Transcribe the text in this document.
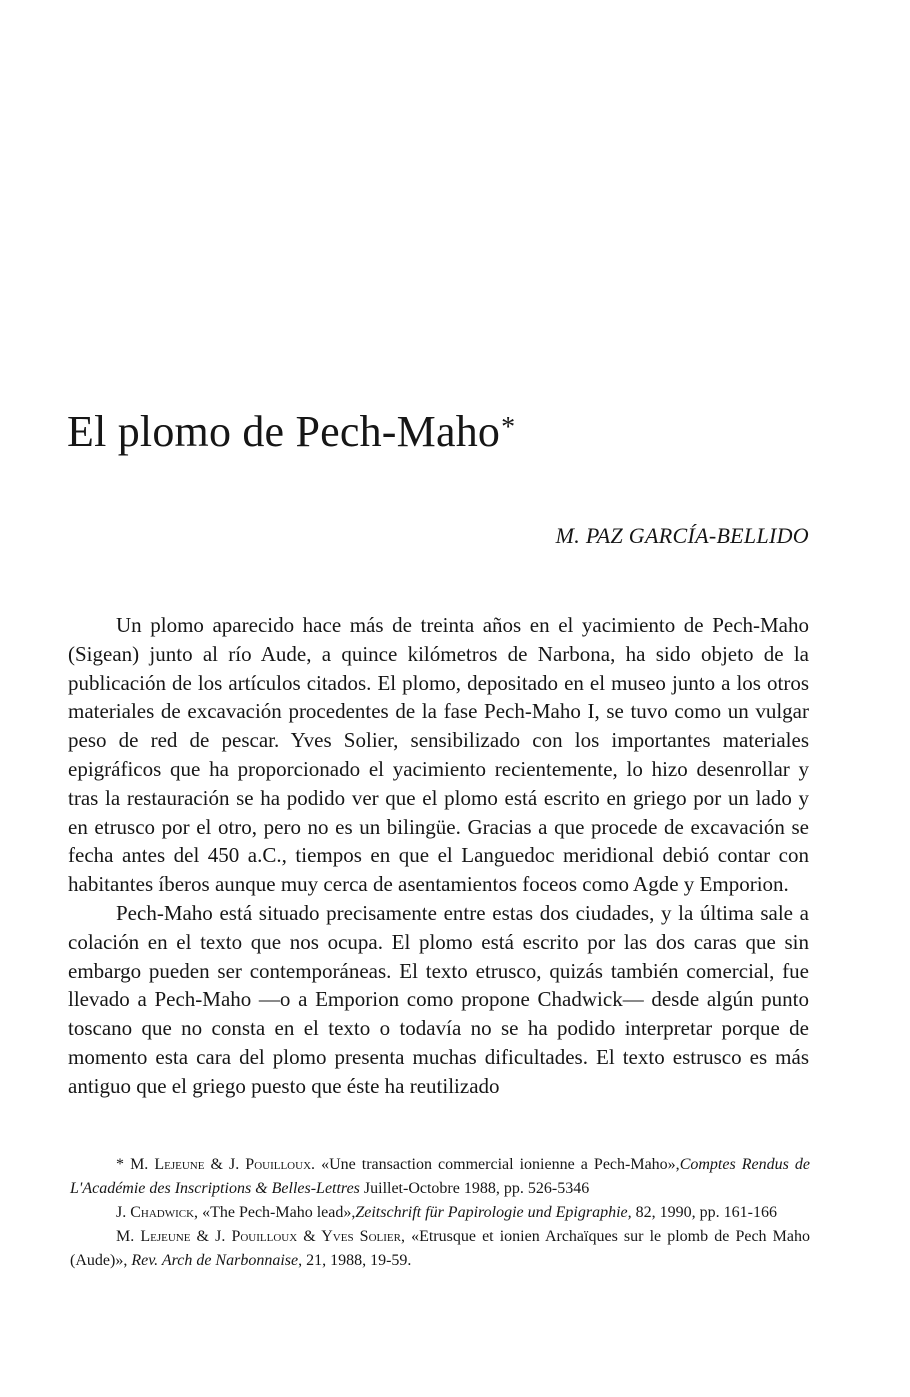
El plomo de Pech-Maho*
M. PAZ GARCÍA-BELLIDO

Un plomo aparecido hace más de treinta años en el yacimiento de Pech-Maho (Sigean) junto al río Aude, a quince kilómetros de Narbona, ha sido objeto de la publicación de los artículos citados. El plomo, depositado en el museo junto a los otros materiales de excavación procedentes de la fase Pech-Maho I, se tuvo como un vulgar peso de red de pescar. Yves Solier, sensibilizado con los importantes materiales epigráficos que ha proporcionado el yacimiento recientemente, lo hizo desenrollar y tras la restauración se ha podido ver que el plomo está escrito en griego por un lado y en etrusco por el otro, pero no es un bilingüe. Gracias a que procede de excavación se fecha antes del 450 a.C., tiempos en que el Languedoc meridional debió contar con habitantes íberos aunque muy cerca de asentamientos foceos como Agde y Emporion.

Pech-Maho está situado precisamente entre estas dos ciudades, y la última sale a colación en el texto que nos ocupa. El plomo está escrito por las dos caras que sin embargo pueden ser contemporáneas. El texto etrusco, quizás también comercial, fue llevado a Pech-Maho —o a Emporion como propone Chadwick— desde algún punto toscano que no consta en el texto o todavía no se ha podido interpretar porque de momento esta cara del plomo presenta muchas dificultades. El texto estrusco es más antiguo que el griego puesto que éste ha reutilizado

* M. Lejeune & J. Pouilloux. «Une transaction commercial ionienne a Pech-Maho»,Comptes Rendus de L'Académie des Inscriptions & Belles-Lettres Juillet-Octobre 1988, pp. 526-5346

J. Chadwick, «The Pech-Maho lead»,Zeitschrift für Papirologie und Epigraphie, 82, 1990, pp. 161-166

M. Lejeune & J. Pouilloux & Yves Solier, «Etrusque et ionien Archaïques sur le plomb de Pech Maho (Aude)», Rev. Arch de Narbonnaise, 21, 1988, 19-59.
